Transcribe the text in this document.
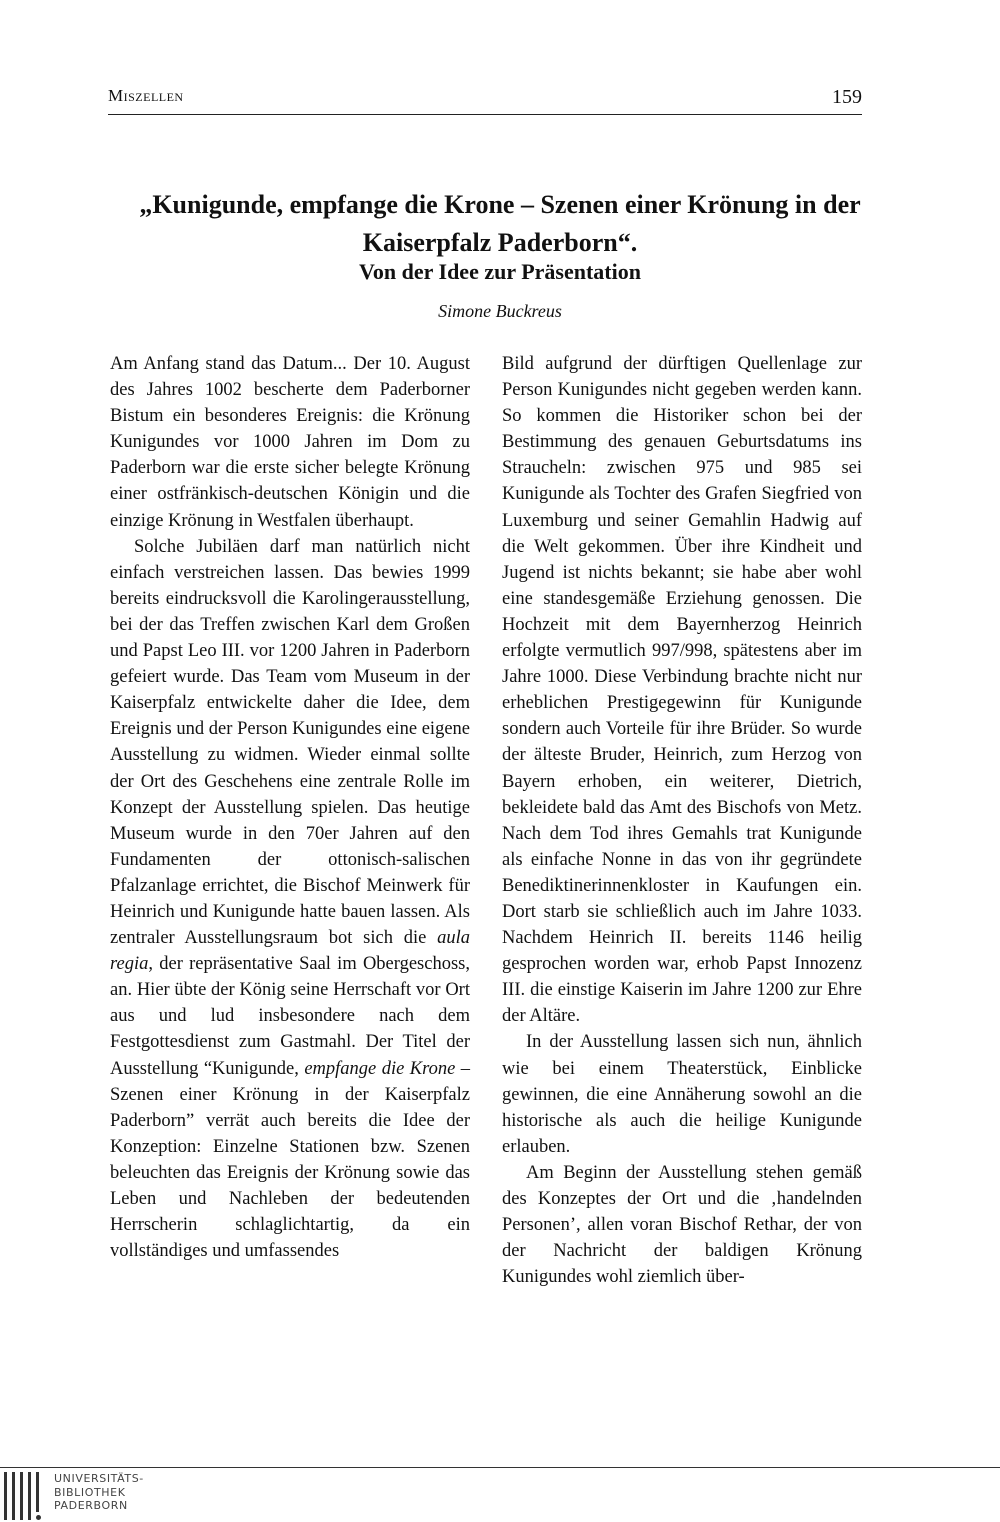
Miszellen	159
„Kunigunde, empfange die Krone – Szenen einer Krönung in der Kaiserpfalz Paderborn“.
Von der Idee zur Präsentation
Simone Buckreus

Am Anfang stand das Datum... Der 10. August des Jahres 1002 bescherte dem Paderborner Bistum ein besonderes Ereignis: die Krönung Kunigundes vor 1000 Jahren im Dom zu Paderborn war die erste sicher belegte Krönung einer ostfränkisch-deutschen Königin und die einzige Krönung in Westfalen überhaupt.

Solche Jubiläen darf man natürlich nicht einfach verstreichen lassen. Das bewies 1999 bereits eindrucksvoll die Karolingerausstellung, bei der das Treffen zwischen Karl dem Großen und Papst Leo III. vor 1200 Jahren in Paderborn gefeiert wurde. Das Team vom Museum in der Kaiserpfalz entwickelte daher die Idee, dem Ereignis und der Person Kunigundes eine eigene Ausstellung zu widmen. Wieder einmal sollte der Ort des Geschehens eine zentrale Rolle im Konzept der Ausstellung spielen. Das heutige Museum wurde in den 70er Jahren auf den Fundamenten der ottonisch-salischen Pfalzanlage errichtet, die Bischof Meinwerk für Heinrich und Kunigunde hatte bauen lassen. Als zentraler Ausstellungsraum bot sich die aula regia, der repräsentative Saal im Obergeschoss, an. Hier übte der König seine Herrschaft vor Ort aus und lud insbesondere nach dem Festgottesdienst zum Gastmahl. Der Titel der Ausstellung “Kunigunde, empfange die Krone – Szenen einer Krönung in der Kaiserpfalz Paderborn” verrät auch bereits die Idee der Konzeption: Einzelne Stationen bzw. Szenen beleuchten das Ereignis der Krönung sowie das Leben und Nachleben der bedeutenden Herrscherin schlaglichtartig, da ein vollständiges und umfassendes

Bild aufgrund der dürftigen Quellenlage zur Person Kunigundes nicht gegeben werden kann. So kommen die Historiker schon bei der Bestimmung des genauen Geburtsdatums ins Straucheln: zwischen 975 und 985 sei Kunigunde als Tochter des Grafen Siegfried von Luxemburg und seiner Gemahlin Hadwig auf die Welt gekommen. Über ihre Kindheit und Jugend ist nichts bekannt; sie habe aber wohl eine standesgemäße Erziehung genossen. Die Hochzeit mit dem Bayernherzog Heinrich erfolgte vermutlich 997/998, spätestens aber im Jahre 1000. Diese Verbindung brachte nicht nur erheblichen Prestigegewinn für Kunigunde sondern auch Vorteile für ihre Brüder. So wurde der älteste Bruder, Heinrich, zum Herzog von Bayern erhoben, ein weiterer, Dietrich, bekleidete bald das Amt des Bischofs von Metz. Nach dem Tod ihres Gemahls trat Kunigunde als einfache Nonne in das von ihr gegründete Benediktinerinnenkloster in Kaufungen ein. Dort starb sie schließlich auch im Jahre 1033. Nachdem Heinrich II. bereits 1146 heilig gesprochen worden war, erhob Papst Innozenz III. die einstige Kaiserin im Jahre 1200 zur Ehre der Altäre.

In der Ausstellung lassen sich nun, ähnlich wie bei einem Theaterstück, Einblicke gewinnen, die eine Annäherung sowohl an die historische als auch die heilige Kunigunde erlauben.

Am Beginn der Ausstellung stehen gemäß des Konzeptes der Ort und die ‚handelnden Personen’, allen voran Bischof Rethar, der von der Nachricht der baldigen Krönung Kunigundes wohl ziemlich über-

UNIVERSITÄTS-
BIBLIOTHEK
PADERBORN
